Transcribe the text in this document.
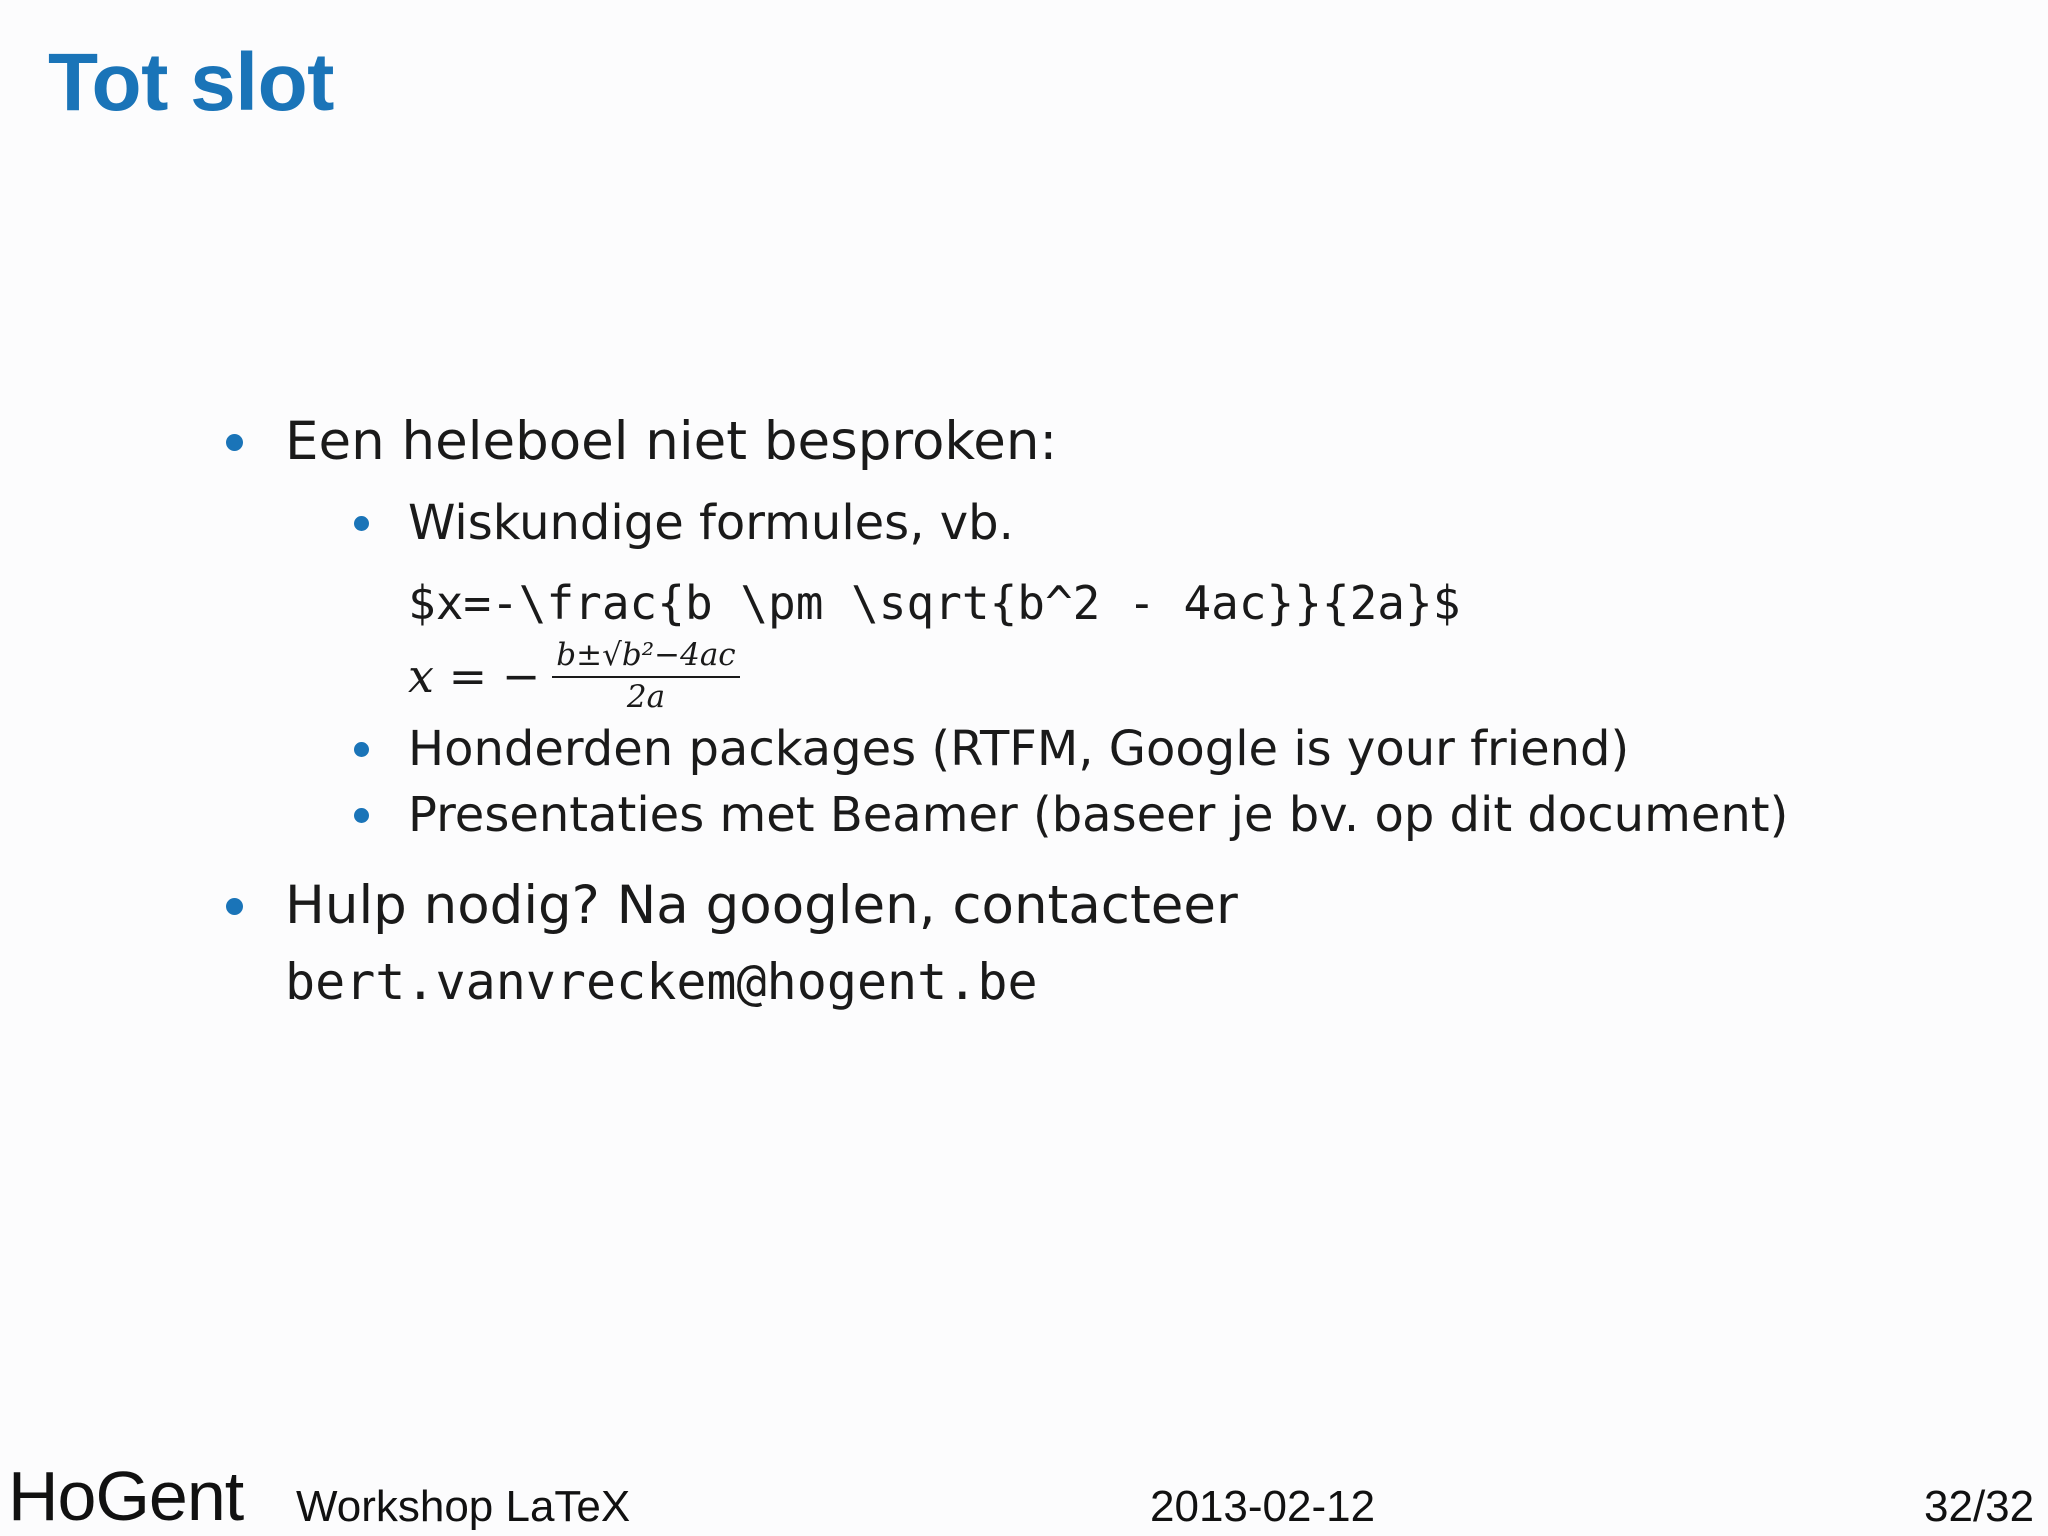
Tot slot
Een heleboel niet besproken:
Wiskundige formules, vb.
$x=-\frac{b \pm \sqrt{b^2 - 4ac}}{2a}$
x = − $\frac{\text{b±√b²−4ac}}{2a}$
Honderden packages (RTFM, Google is your friend)
Presentaties met Beamer (baseer je bv. op dit document)
Hulp nodig? Na googlen, contacteer
bert.vanvreckem@hogent.be
HoGent Workshop LaTeX	2013-02-12	32/32
